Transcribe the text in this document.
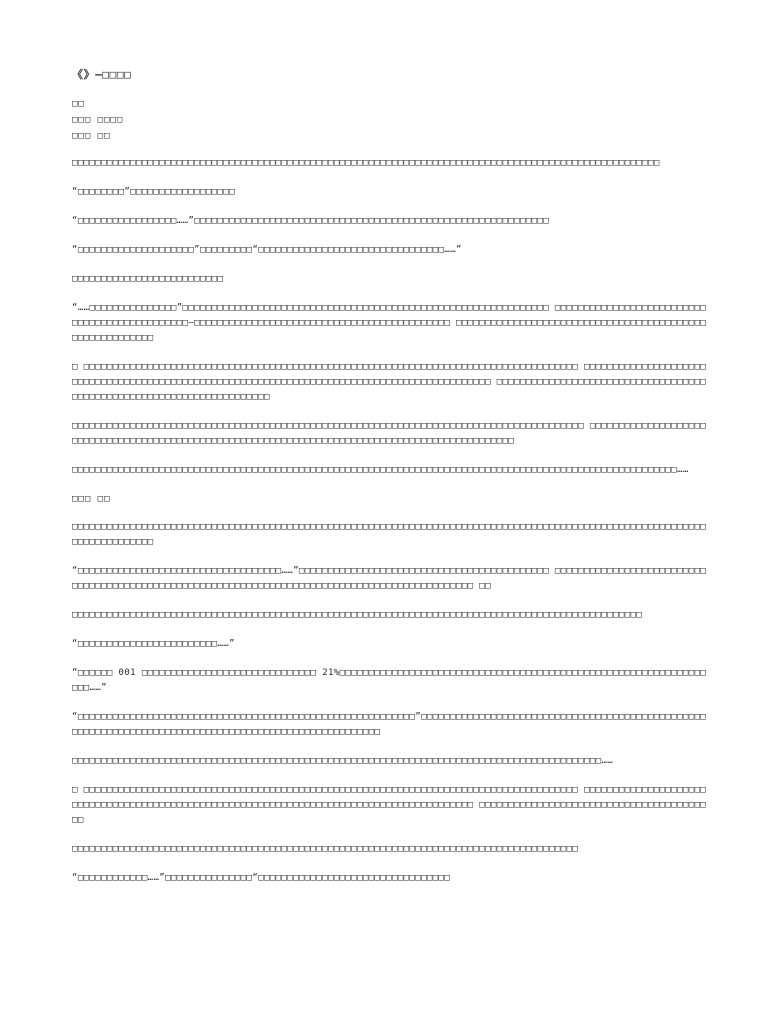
《》—□□□□
□□
□□□ □□□□
□□□ □□

□□□□□□□□□□□□□□□□□□□□□□□□□□□□□□□□□□□□□□□□□□□□□□□□□□□□□□□□□□□□□□□□□□□□□□□□□□□□□□□□□□□□□□□□□□□□□□□□□□□□□

“□□□□□□□□”□□□□□□□□□□□□□□□□□□

“□□□□□□□□□□□□□□□□□……”□□□□□□□□□□□□□□□□□□□□□□□□□□□□□□□□□□□□□□□□□□□□□□□□□□□□□□□□□□□□□

“□□□□□□□□□□□□□□□□□□□□”□□□□□□□□□“□□□□□□□□□□□□□□□□□□□□□□□□□□□□□□□□……”

□□□□□□□□□□□□□□□□□□□□□□□□□□

“……□□□□□□□□□□□□□□□”□□□□□□□□□□□□□□□□□□□□□□□□□□□□□□□□□□□□□□□□□□□□□□□□□□□□□□□□□□□□□□□ □□□□□□□□□□□□□□□□□□□□□□□□□□□□□□□□□□□□□□□□□□□□□□—□□□□□□□□□□□□□□□□□□□□□□□□□□□□□□□□□□□□□□□□□□□□ □□□□□□□□□□□□□□□□□□□□□□□□□□□□□□□□□□□□□□□□□□□□□□□□□□□□□□□□□

□ □□□□□□□□□□□□□□□□□□□□□□□□□□□□□□□□□□□□□□□□□□□□□□□□□□□□□□□□□□□□□□□□□□□□□□□□□□□□□□□□□□□□□ □□□□□□□□□□□□□□□□□□□□□□□□□□□□□□□□□□□□□□□□□□□□□□□□□□□□□□□□□□□□□□□□□□□□□□□□□□□□□□□□□□□□□□□□□□□□□ □□□□□□□□□□□□□□□□□□□□□□□□□□□□□□□□□□□□□□□□□□□□□□□□□□□□□□□□□□□□□□□□□□□□□□

□□□□□□□□□□□□□□□□□□□□□□□□□□□□□□□□□□□□□□□□□□□□□□□□□□□□□□□□□□□□□□□□□□□□□□□□□□□□□□□□□□□□□□□□ □□□□□□□□□□□□□□□□□□□□□□□□□□□□□□□□□□□□□□□□□□□□□□□□□□□□□□□□□□□□□□□□□□□□□□□□□□□□□□□□□□□□□□□□□□□□□□□□

□□□□□□□□□□□□□□□□□□□□□□□□□□□□□□□□□□□□□□□□□□□□□□□□□□□□□□□□□□□□□□□□□□□□□□□□□□□□□□□□□□□□□□□□□□□□□□□□□□□□□□□□……

□□□ □□

□□□□□□□□□□□□□□□□□□□□□□□□□□□□□□□□□□□□□□□□□□□□□□□□□□□□□□□□□□□□□□□□□□□□□□□□□□□□□□□□□□□□□□□□□□□□□□□□□□□□□□□□□□□□□□□□□□□□□□□□□□□

“□□□□□□□□□□□□□□□□□□□□□□□□□□□□□□□□□□□……”□□□□□□□□□□□□□□□□□□□□□□□□□□□□□□□□□□□□□□□□□□□ □□□□□□□□□□□□□□□□□□□□□□□□□□□□□□□□□□□□□□□□□□□□□□□□□□□□□□□□□□□□□□□□□□□□□□□□□□□□□□□□□□□□□□□□□□□□□□□ □□

□□□□□□□□□□□□□□□□□□□□□□□□□□□□□□□□□□□□□□□□□□□□□□□□□□□□□□□□□□□□□□□□□□□□□□□□□□□□□□□□□□□□□□□□□□□□□□□□□□

“□□□□□□□□□□□□□□□□□□□□□□□□……”

“□□□□□□ 001 □□□□□□□□□□□□□□□□□□□□□□□□□□□□□□ 21%□□□□□□□□□□□□□□□□□□□□□□□□□□□□□□□□□□□□□□□□□□□□□□□□□□□□□□□□□□□□□□□□□□……”

“□□□□□□□□□□□□□□□□□□□□□□□□□□□□□□□□□□□□□□□□□□□□□□□□□□□□□□□□□□”□□□□□□□□□□□□□□□□□□□□□□□□□□□□□□□□□□□□□□□□□□□□□□□□□□□□□□□□□□□□□□□□□□□□□□□□□□□□□□□□□□□□□□□□□□□□□□□□□□□□□□

□□□□□□□□□□□□□□□□□□□□□□□□□□□□□□□□□□□□□□□□□□□□□□□□□□□□□□□□□□□□□□□□□□□□□□□□□□□□□□□□□□□□□□□□□□□……

□ □□□□□□□□□□□□□□□□□□□□□□□□□□□□□□□□□□□□□□□□□□□□□□□□□□□□□□□□□□□□□□□□□□□□□□□□□□□□□□□□□□□□□ □□□□□□□□□□□□□□□□□□□□□□□□□□□□□□□□□□□□□□□□□□□□□□□□□□□□□□□□□□□□□□□□□□□□□□□□□□□□□□□□□□□□□□□□□□ □□□□□□□□□□□□□□□□□□□□□□□□□□□□□□□□□□□□□□□□□

□□□□□□□□□□□□□□□□□□□□□□□□□□□□□□□□□□□□□□□□□□□□□□□□□□□□□□□□□□□□□□□□□□□□□□□□□□□□□□□□□□□□□□□

“□□□□□□□□□□□□……”□□□□□□□□□□□□□□□“□□□□□□□□□□□□□□□□□□□□□□□□□□□□□□□□□
